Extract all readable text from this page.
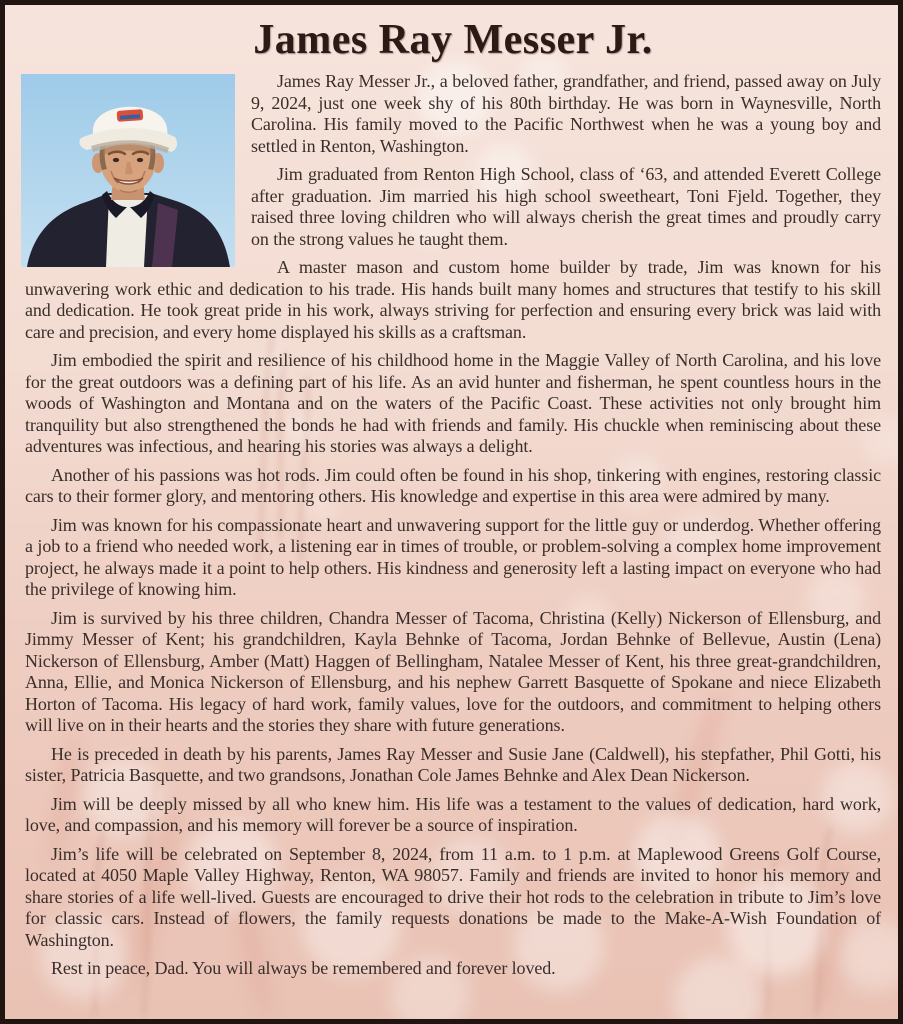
James Ray Messer Jr.

James Ray Messer Jr., a beloved father, grandfather, and friend, passed away on July 9, 2024, just one week shy of his 80th birthday. He was born in Waynesville, North Carolina. His family moved to the Pacific Northwest when he was a young boy and settled in Renton, Washington.

Jim graduated from Renton High School, class of ‘63, and attended Everett College after graduation. Jim married his high school sweetheart, Toni Fjeld. Together, they raised three loving children who will always cherish the great times and proudly carry on the strong values he taught them.

A master mason and custom home builder by trade, Jim was known for his unwavering work ethic and dedication to his trade. His hands built many homes and structures that testify to his skill and dedication. He took great pride in his work, always striving for perfection and ensuring every brick was laid with care and precision, and every home displayed his skills as a craftsman.

Jim embodied the spirit and resilience of his childhood home in the Maggie Valley of North Carolina, and his love for the great outdoors was a defining part of his life. As an avid hunter and fisherman, he spent countless hours in the woods of Washington and Montana and on the waters of the Pacific Coast. These activities not only brought him tranquility but also strengthened the bonds he had with friends and family. His chuckle when reminiscing about these adventures was infectious, and hearing his stories was always a delight.

Another of his passions was hot rods. Jim could often be found in his shop, tinkering with engines, restoring classic cars to their former glory, and mentoring others. His knowledge and expertise in this area were admired by many.

Jim was known for his compassionate heart and unwavering support for the little guy or underdog. Whether offering a job to a friend who needed work, a listening ear in times of trouble, or problem-solving a complex home improvement project, he always made it a point to help others. His kindness and generosity left a lasting impact on everyone who had the privilege of knowing him.

Jim is survived by his three children, Chandra Messer of Tacoma, Christina (Kelly) Nickerson of Ellensburg, and Jimmy Messer of Kent; his grandchildren, Kayla Behnke of Tacoma, Jordan Behnke of Bellevue, Austin (Lena) Nickerson of Ellensburg, Amber (Matt) Haggen of Bellingham, Natalee Messer of Kent, his three great-grandchildren, Anna, Ellie, and Monica Nickerson of Ellensburg, and his nephew Garrett Basquette of Spokane and niece Elizabeth Horton of Tacoma. His legacy of hard work, family values, love for the outdoors, and commitment to helping others will live on in their hearts and the stories they share with future generations.

He is preceded in death by his parents, James Ray Messer and Susie Jane (Caldwell), his stepfather, Phil Gotti, his sister, Patricia Basquette, and two grandsons, Jonathan Cole James Behnke and Alex Dean Nickerson.

Jim will be deeply missed by all who knew him. His life was a testament to the values of dedication, hard work, love, and compassion, and his memory will forever be a source of inspiration.

Jim’s life will be celebrated on September 8, 2024, from 11 a.m. to 1 p.m. at Maplewood Greens Golf Course, located at 4050 Maple Valley Highway, Renton, WA 98057. Family and friends are invited to honor his memory and share stories of a life well-lived. Guests are encouraged to drive their hot rods to the celebration in tribute to Jim’s love for classic cars. Instead of flowers, the family requests donations be made to the Make-A-Wish Foundation of Washington.

Rest in peace, Dad. You will always be remembered and forever loved.
